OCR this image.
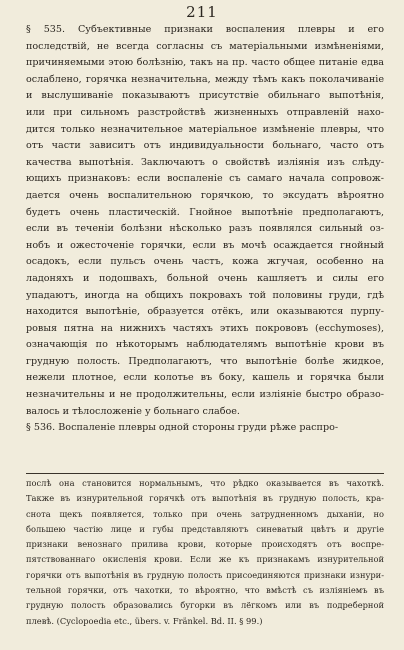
211
§ 535. Субъективные признаки воспаления плевры и его
последствій, не всегда согласны съ матеріальными измѣненіями,
причиняемыми этою болѣзнію, такъ на пр. часто общее питаніе едва
ослаблено, горячка незначительна, между тѣмъ какъ поколачиваніе
и выслушиваніе показываютъ присутствіе обильнаго выпотѣнія,
или при сильномъ разстройствѣ жизненныхъ отправленій нахо-
дится только незначительное матеріальное измѣненіе плевры, что
отъ части зависитъ отъ индивидуальности больнаго, часто отъ
качества выпотѣнія. Заключаютъ о свойствѣ изліянія изъ слѣду-
ющихъ признаковъ: если воспаленіе съ самаго начала сопровож-
дается очень воспалительною горячкою, то эксудатъ вѣроятно
будетъ очень пластическій. Гнойное выпотѣніе предполагаютъ,
если въ теченіи болѣзни нѣсколько разъ появлялся сильный оз-
нобъ и ожесточеніе горячки, если въ мочѣ осаждается гнойный
осадокъ, если пульсъ очень частъ, кожа жгучая, особенно на
ладоняхъ и подошвахъ, больной очень кашляетъ и силы его
упадаютъ, иногда на общихъ покровахъ той половины груди, гдѣ
находится выпотѣніе, образуется отёкъ, или оказываются пурпу-
ровыя пятна на нижнихъ частяхъ этихъ покрововъ (ecchymoses),
означающія по нѣкоторымъ наблюдателямъ выпотѣніе крови въ
грудную полость. Предполагаютъ, что выпотѣніе болѣе жидкое,
нежели плотное, если колотье въ боку, кашель и горячка были
незначительны и не продолжительны, если изліяніе быстро образо-
валось и тѣлосложеніе у больнаго слабое.
§ 536. Воспаленіе плевры одной стороны груди рѣже распро-
послѣ она становится нормальнымъ, что рѣдко оказывается въ чахоткѣ.
Также въ изнурительной горячкѣ отъ выпотѣнія въ грудную полость, кра-
снота щекъ появляется, только при очень затрудненномъ дыханіи, но
большею частію лице и губы представляютъ синеватый цвѣтъ и другіе
признаки венознаго прилива крови, которые происходятъ отъ воспре-
пятствованнаго окисленія крови. Если же къ признакамъ изнурительной
горячки отъ выпотѣнія въ грудную полость присоединяются признаки изнури-
тельной горячки, отъ чахотки, то вѣроятно, что вмѣстѣ съ изліяніемъ въ
грудную полость образовались бугорки въ лёгкомъ или въ подреберной
плевѣ. (Cyclopoedia etc., übers. v. Fränkel. Bd. II. § 99.)
